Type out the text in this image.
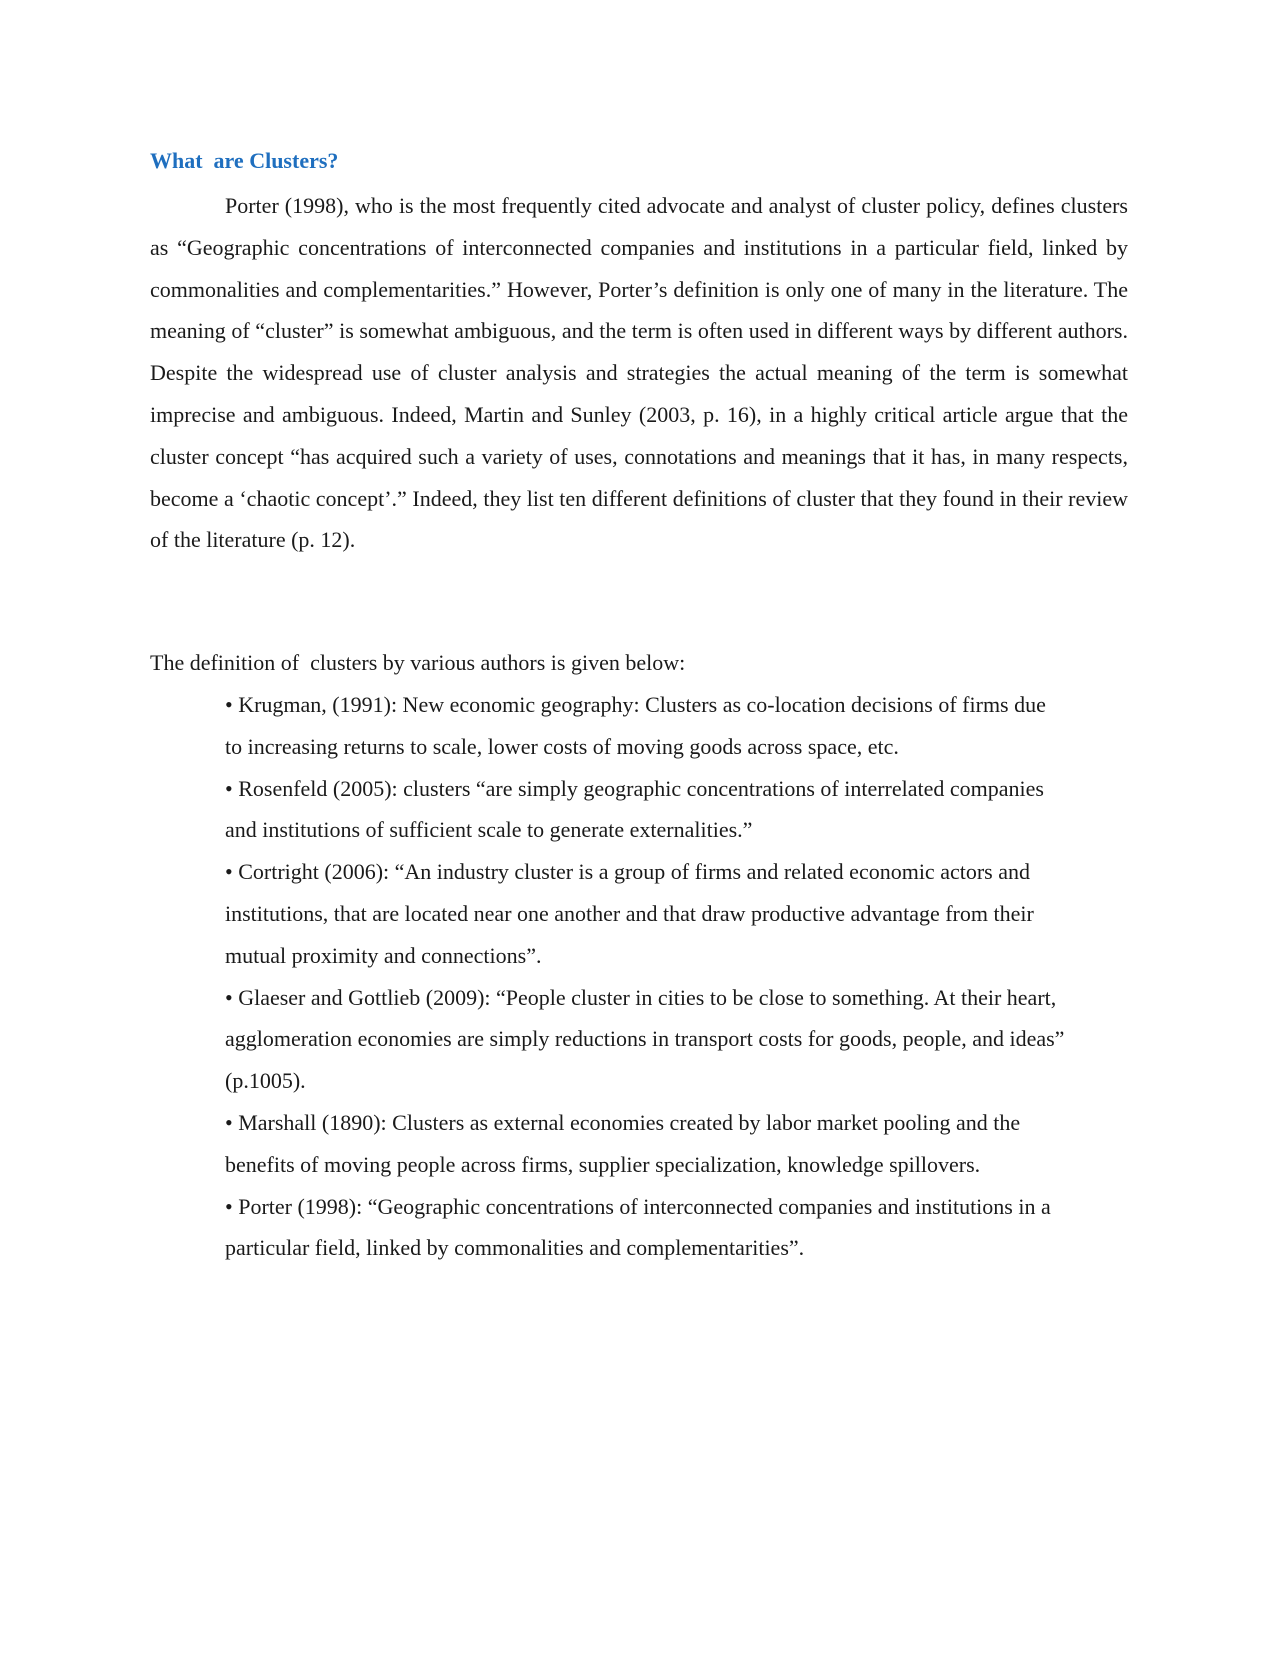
What  are Clusters?

Porter (1998), who is the most frequently cited advocate and analyst of cluster policy, defines clusters as “Geographic concentrations of interconnected companies and institutions in a particular field, linked by commonalities and complementarities.” However, Porter’s definition is only one of many in the literature. The meaning of “cluster” is somewhat ambiguous, and the term is often used in different ways by different authors. Despite the widespread use of cluster analysis and strategies the actual meaning of the term is somewhat imprecise and ambiguous. Indeed, Martin and Sunley (2003, p. 16), in a highly critical article argue that the cluster concept “has acquired such a variety of uses, connotations and meanings that it has, in many respects, become a ‘chaotic concept’.” Indeed, they list ten different definitions of cluster that they found in their review of the literature (p. 12).

The definition of  clusters by various authors is given below:

• Krugman, (1991): New economic geography: Clusters as co-location decisions of firms due to increasing returns to scale, lower costs of moving goods across space, etc.
• Rosenfeld (2005): clusters “are simply geographic concentrations of interrelated companies and institutions of sufficient scale to generate externalities.”
• Cortright (2006): “An industry cluster is a group of firms and related economic actors and institutions, that are located near one another and that draw productive advantage from their mutual proximity and connections”.
• Glaeser and Gottlieb (2009): “People cluster in cities to be close to something. At their heart, agglomeration economies are simply reductions in transport costs for goods, people, and ideas” (p.1005).
• Marshall (1890): Clusters as external economies created by labor market pooling and the benefits of moving people across firms, supplier specialization, knowledge spillovers.
• Porter (1998): “Geographic concentrations of interconnected companies and institutions in a particular field, linked by commonalities and complementarities”.
